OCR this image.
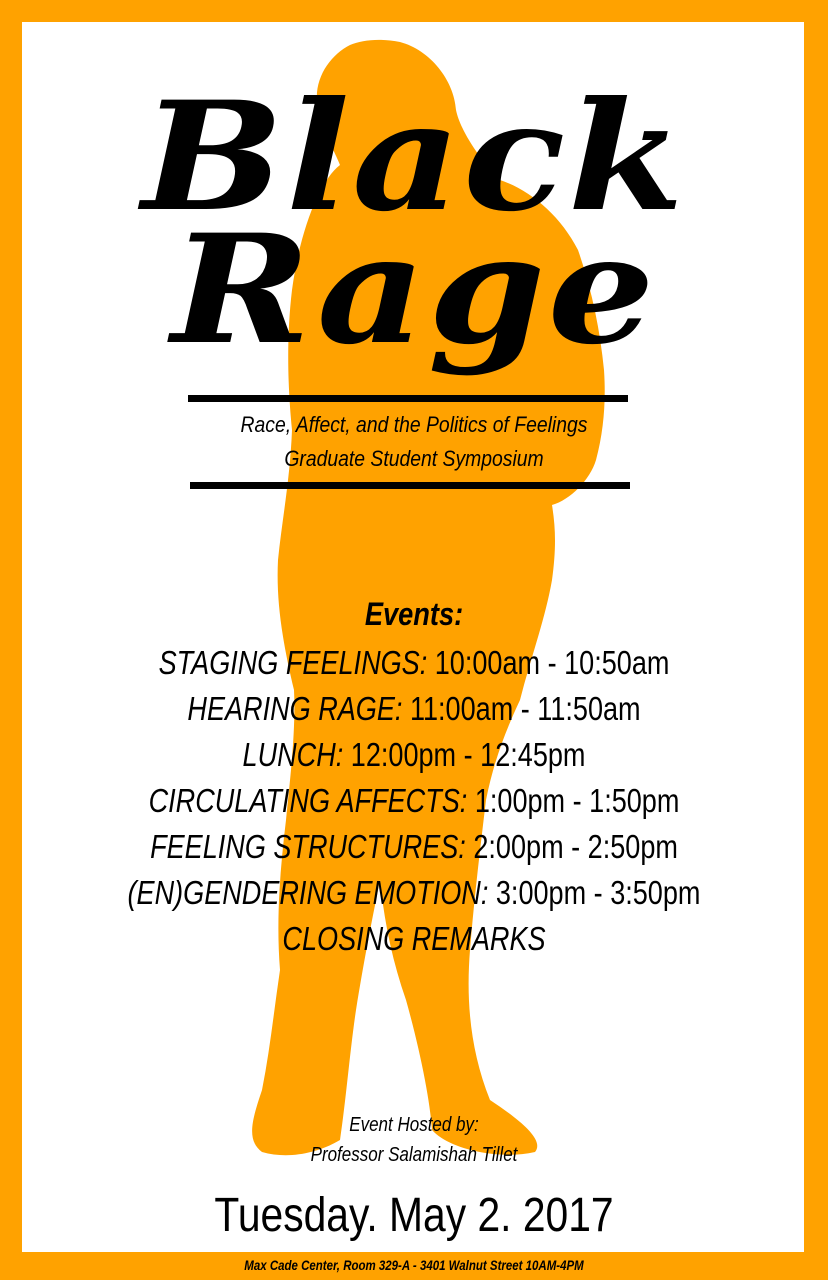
Black
Rage
Race, Affect, and the Politics of Feelings
Graduate Student Symposium
Events:
STAGING FEELINGS: 10:00am - 10:50am
HEARING RAGE: 11:00am - 11:50am
LUNCH: 12:00pm - 12:45pm
CIRCULATING AFFECTS: 1:00pm - 1:50pm
FEELING STRUCTURES: 2:00pm - 2:50pm
(EN)GENDERING EMOTION: 3:00pm - 3:50pm
CLOSING REMARKS
Event Hosted by:
Professor Salamishah Tillet
Tuesday. May 2. 2017
Max Cade Center, Room 329-A - 3401 Walnut Street 10AM-4PM
